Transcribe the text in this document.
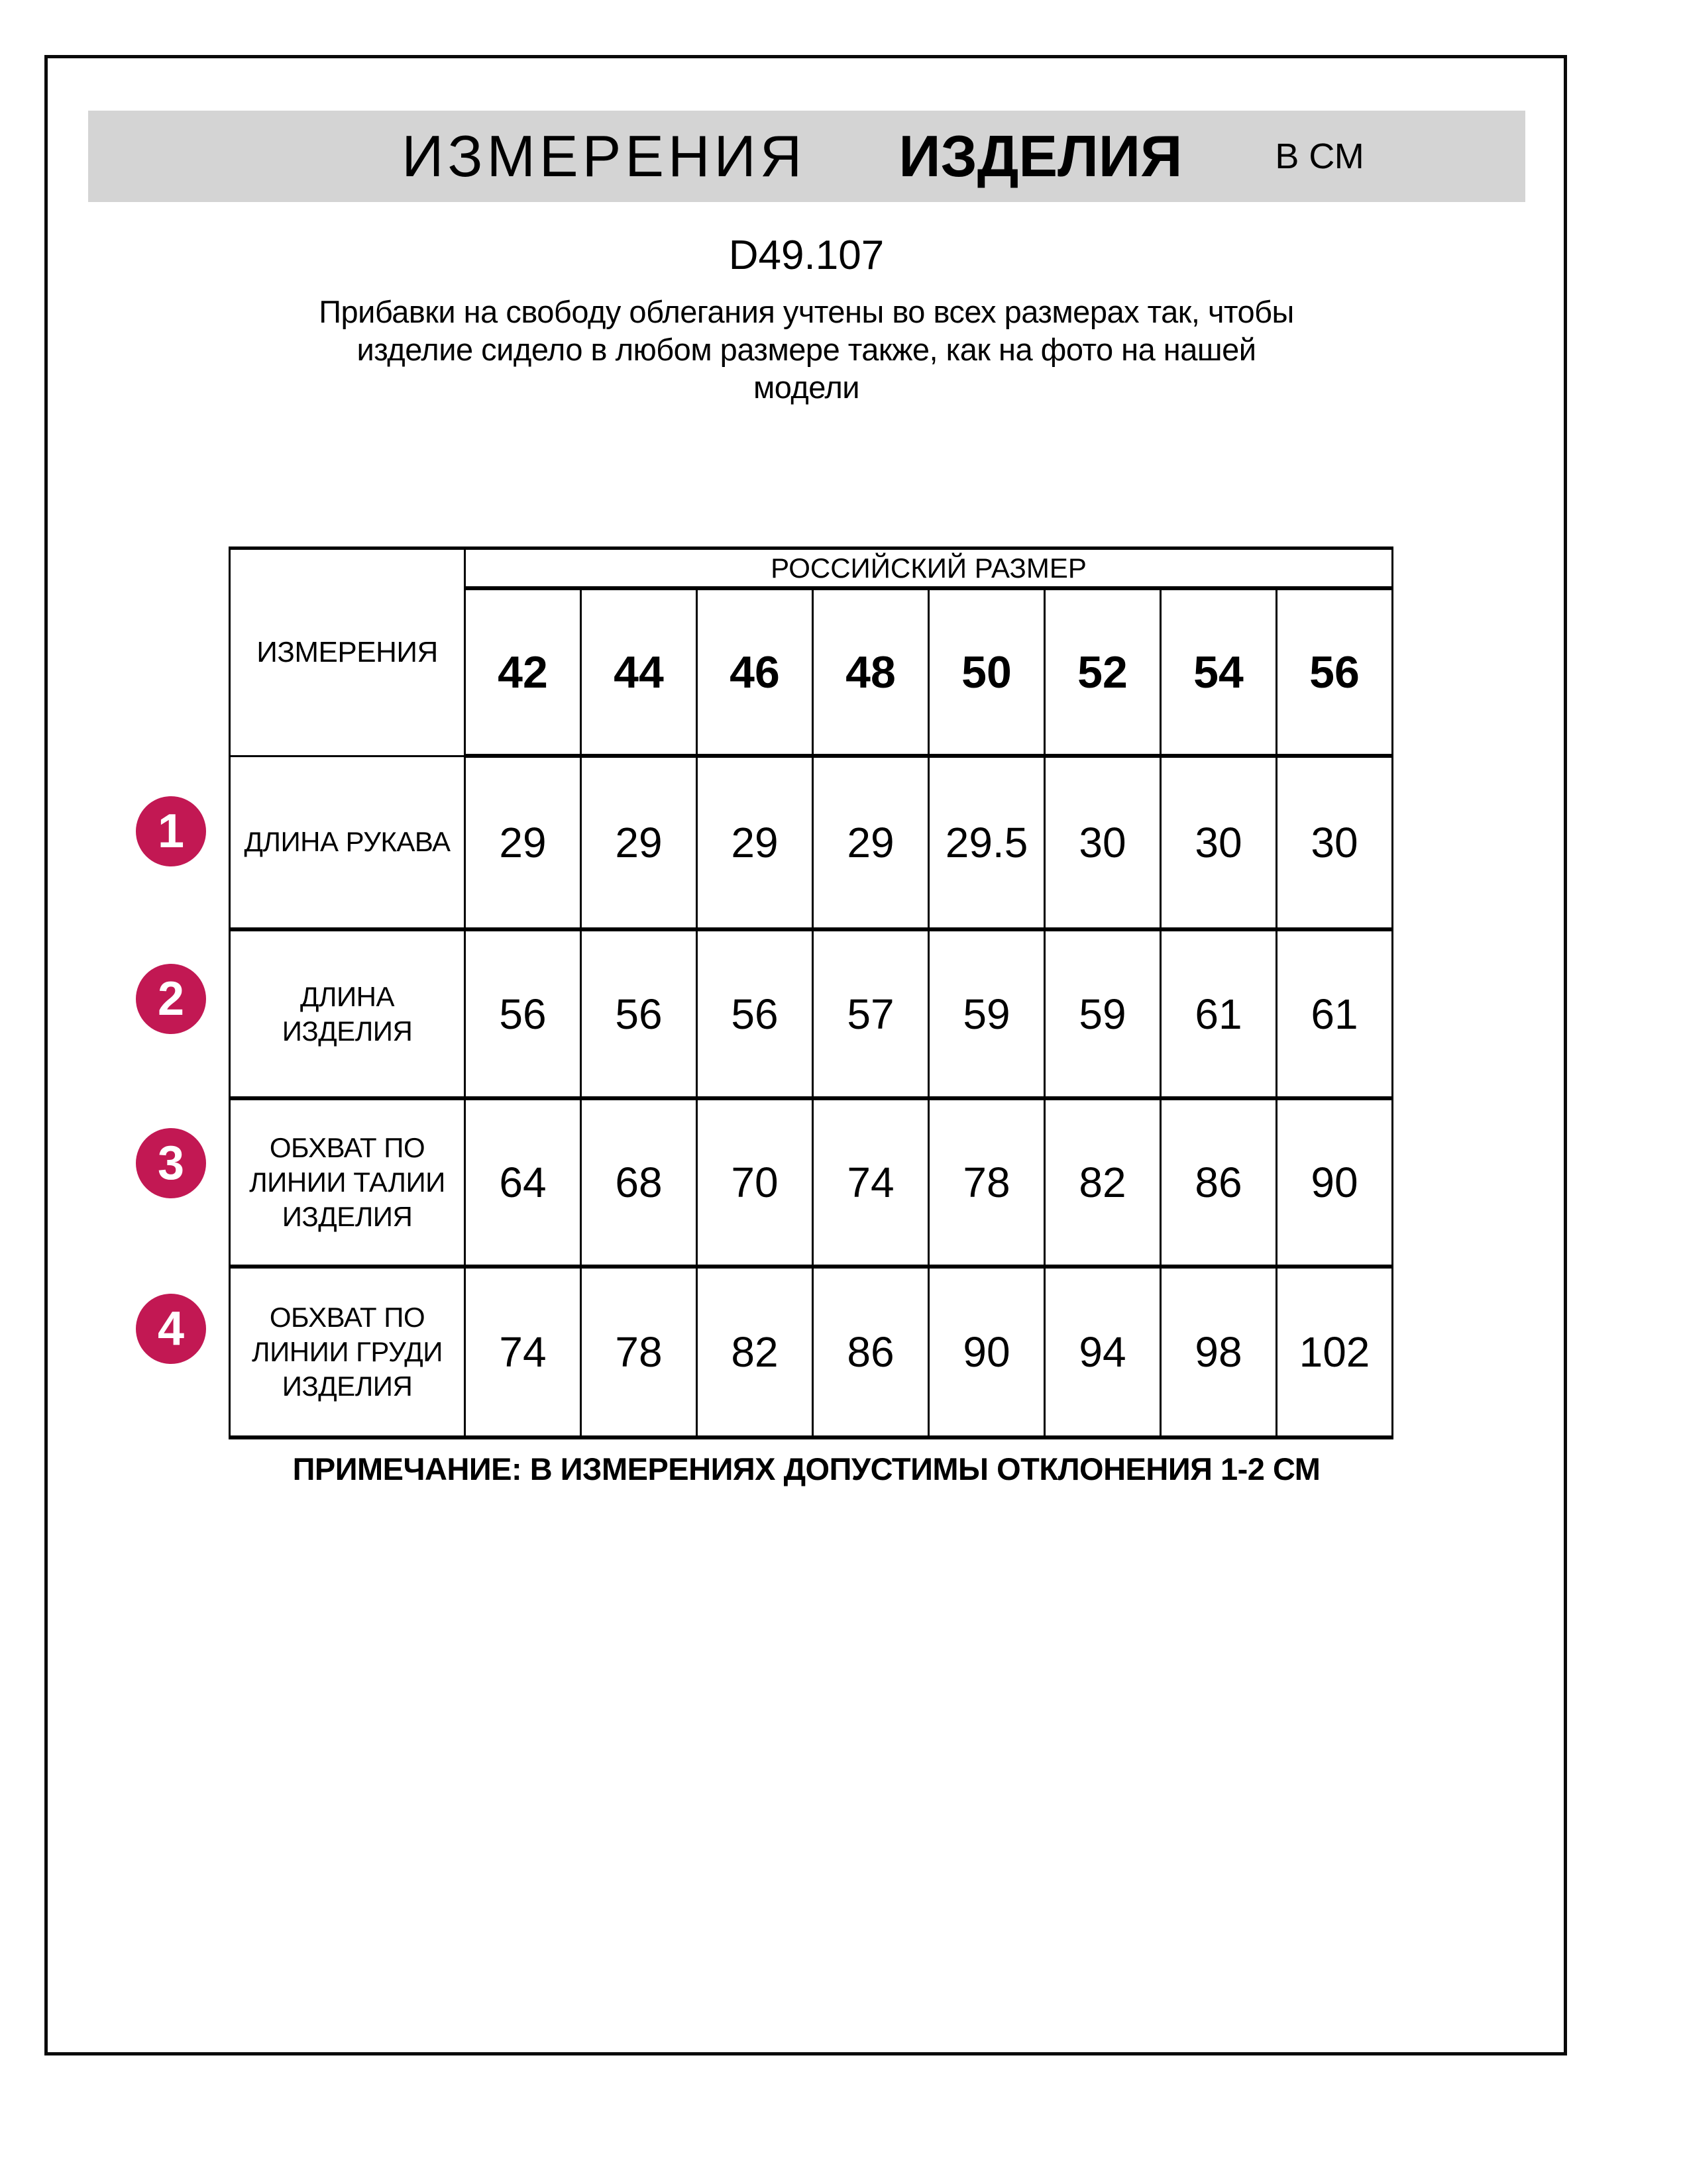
ИЗМЕРЕНИЯ ИЗДЕЛИЯ	В СМ
D49.107
Прибавки на свободу облегания учтены во всех размерах так, чтобы
изделие сидело в любом размере также, как на фото на нашей
модели
1
2
3
4
ИЗМЕРЕНИЯ	РОССИЙСКИЙ РАЗМЕР							
	42	44	46	48	50	52	54	56

ДЛИНА РУКАВА	29	29	29	29	29.5	30	30	30

ДЛИНА
ИЗДЕЛИЯ	56	56	56	57	59	59	61	61

ОБХВАТ ПО
ЛИНИИ ТАЛИИ
ИЗДЕЛИЯ	64	68	70	74	78	82	86	90

ОБХВАТ ПО
ЛИНИИ ГРУДИ
ИЗДЕЛИЯ	74	78	82	86	90	94	98	102
ПРИМЕЧАНИЕ: В ИЗМЕРЕНИЯХ ДОПУСТИМЫ ОТКЛОНЕНИЯ 1-2 СМ
